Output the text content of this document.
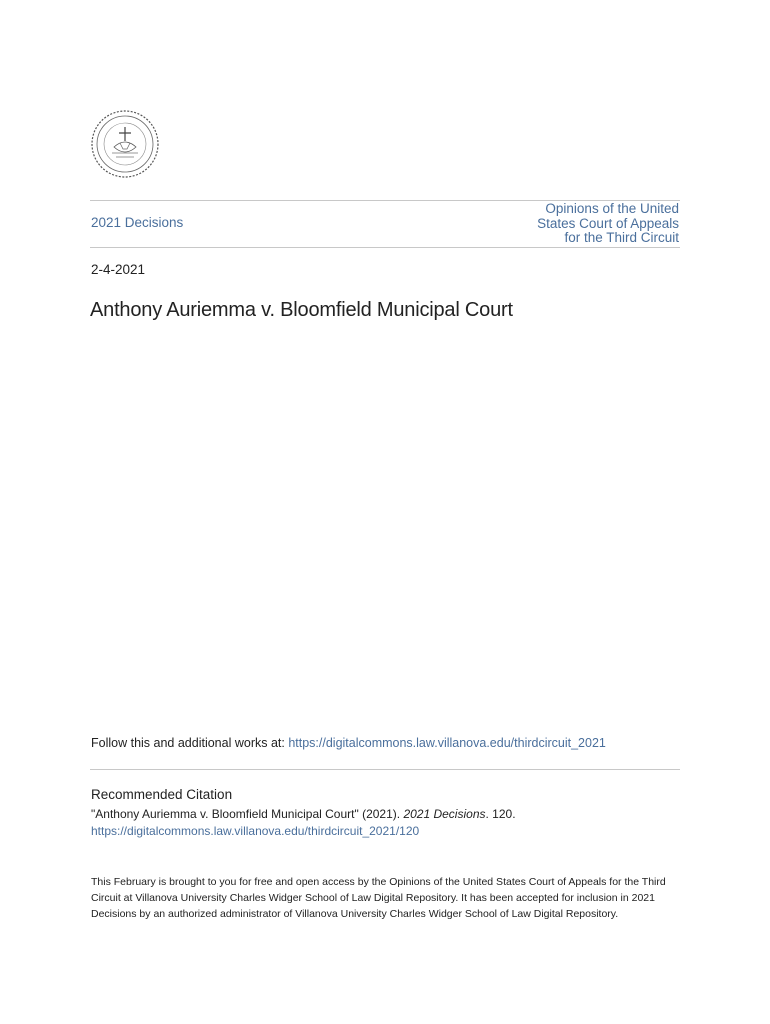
2021 Decisions
Opinions of the United
States Court of Appeals
for the Third Circuit
2-4-2021
Anthony Auriemma v. Bloomfield Municipal Court
Follow this and additional works at: https://digitalcommons.law.villanova.edu/thirdcircuit_2021
Recommended Citation
"Anthony Auriemma v. Bloomfield Municipal Court" (2021). 2021 Decisions. 120.
https://digitalcommons.law.villanova.edu/thirdcircuit_2021/120
This February is brought to you for free and open access by the Opinions of the United States Court of Appeals for the Third Circuit at Villanova University Charles Widger School of Law Digital Repository. It has been accepted for inclusion in 2021 Decisions by an authorized administrator of Villanova University Charles Widger School of Law Digital Repository.
